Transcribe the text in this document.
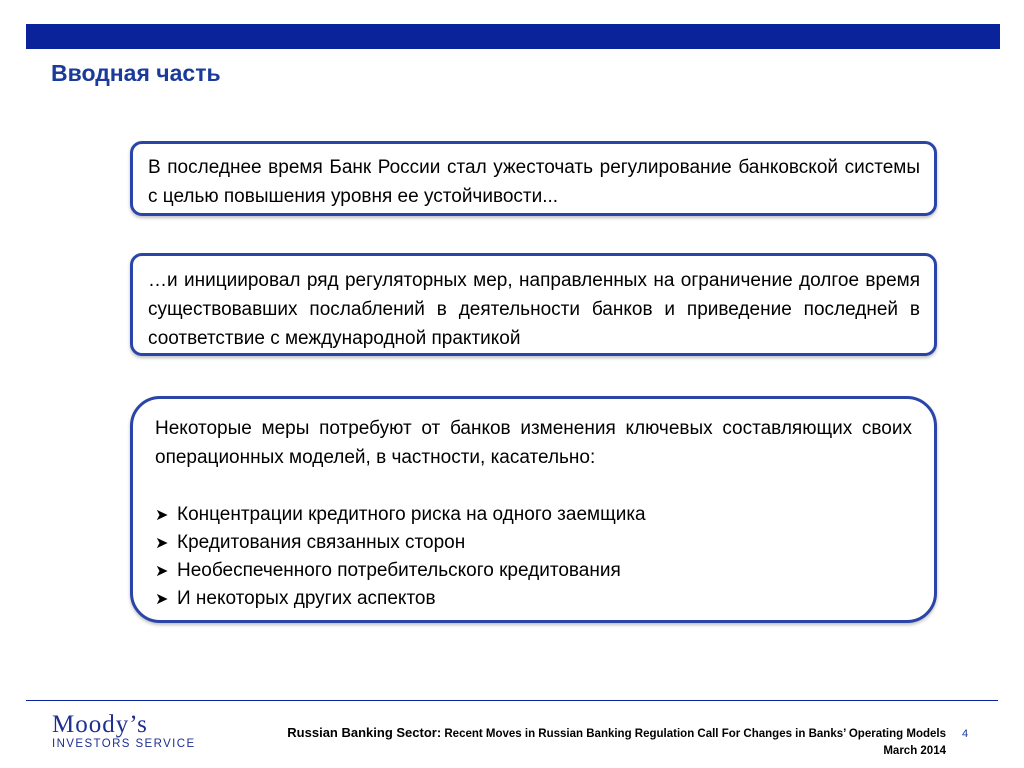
Вводная часть

В последнее время Банк России стал ужесточать регулирование банковской системы с целью повышения уровня ее устойчивости...

…и инициировал ряд регуляторных мер, направленных на ограничение долгое время существовавших послаблений в деятельности банков и приведение последней в соответствие с международной практикой

Некоторые меры потребуют от банков изменения ключевых составляющих своих операционных моделей, в частности, касательно:

➤ Концентрации кредитного риска на одного заемщика
➤ Кредитования связанных сторон
➤ Необеспеченного потребительского кредитования
➤ И некоторых других аспектов
Moody’s
INVESTORS SERVICE
Russian Banking Sector: Recent Moves in Russian Banking Regulation Call For Changes in Banks’ Operating Models
March 2014
4
